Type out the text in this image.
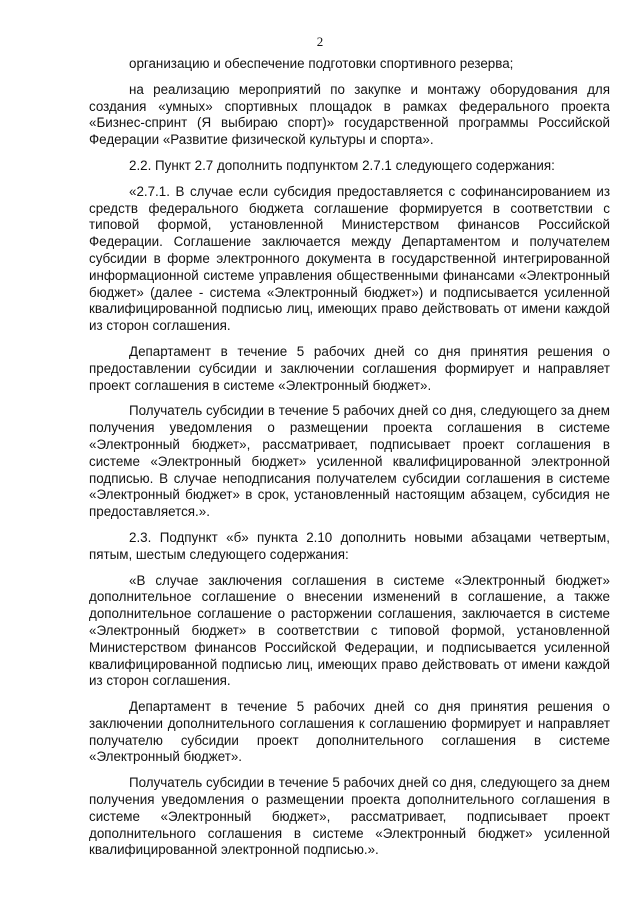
2

организацию и обеспечение подготовки спортивного резерва;

на реализацию мероприятий по закупке и монтажу оборудования для создания «умных» спортивных площадок в рамках федерального проекта «Бизнес-спринт (Я выбираю спорт)» государственной программы Российской Федерации «Развитие физической культуры и спорта».

2.2. Пункт 2.7 дополнить подпунктом 2.7.1 следующего содержания:

«2.7.1. В случае если субсидия предоставляется с софинансированием из средств федерального бюджета соглашение формируется в соответствии с типовой формой, установленной Министерством финансов Российской Федерации. Соглашение заключается между Департаментом и получателем субсидии в форме электронного документа в государственной интегрированной информационной системе управления общественными финансами «Электронный бюджет» (далее - система «Электронный бюджет») и подписывается усиленной квалифицированной подписью лиц, имеющих право действовать от имени каждой из сторон соглашения.

Департамент в течение 5 рабочих дней со дня принятия решения о предоставлении субсидии и заключении соглашения формирует и направляет проект соглашения в системе «Электронный бюджет».

Получатель субсидии в течение 5 рабочих дней со дня, следующего за днем получения уведомления о размещении проекта соглашения в системе «Электронный бюджет», рассматривает, подписывает проект соглашения в системе «Электронный бюджет» усиленной квалифицированной электронной подписью. В случае неподписания получателем субсидии соглашения в системе «Электронный бюджет» в срок, установленный настоящим абзацем, субсидия не предоставляется.».

2.3. Подпункт «б» пункта 2.10 дополнить новыми абзацами четвертым, пятым, шестым следующего содержания:

«В случае заключения соглашения в системе «Электронный бюджет» дополнительное соглашение о внесении изменений в соглашение, а также дополнительное соглашение о расторжении соглашения, заключается в системе «Электронный бюджет» в соответствии с типовой формой, установленной Министерством финансов Российской Федерации, и подписывается усиленной квалифицированной подписью лиц, имеющих право действовать от имени каждой из сторон соглашения.

Департамент в течение 5 рабочих дней со дня принятия решения о заключении дополнительного соглашения к соглашению формирует и направляет получателю субсидии проект дополнительного соглашения в системе «Электронный бюджет».

Получатель субсидии в течение 5 рабочих дней со дня, следующего за днем получения уведомления о размещении проекта дополнительного соглашения в системе «Электронный бюджет», рассматривает, подписывает проект дополнительного соглашения в системе «Электронный бюджет» усиленной квалифицированной электронной подписью.».
